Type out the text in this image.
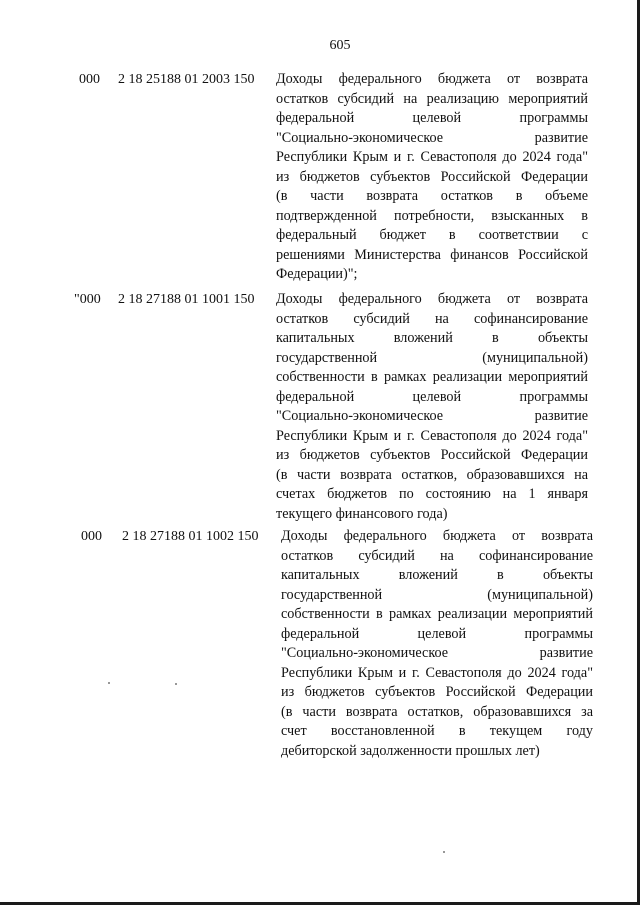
605
000 2 18 25188 01 2003 150 Доходы федерального бюджета от возврата
остатков субсидий на реализацию мероприятий
федеральной целевой программы
"Социально-экономическое развитие
Республики Крым и г. Севастополя до 2024 года"
из бюджетов субъектов Российской Федерации
(в части возврата остатков в объеме
подтвержденной потребности, взысканных в
федеральный бюджет в соответствии с
решениями Министерства финансов Российской
Федерации)";
"000 2 18 27188 01 1001 150 Доходы федерального бюджета от возврата
остатков субсидий на софинансирование
капитальных вложений в объекты
государственной (муниципальной)
собственности в рамках реализации мероприятий
федеральной целевой программы
"Социально-экономическое развитие
Республики Крым и г. Севастополя до 2024 года"
из бюджетов субъектов Российской Федерации
(в части возврата остатков, образовавшихся на
счетах бюджетов по состоянию на 1 января
текущего финансового года)
000 2 18 27188 01 1002 150 Доходы федерального бюджета от возврата
остатков субсидий на софинансирование
капитальных вложений в объекты
государственной (муниципальной)
собственности в рамках реализации мероприятий
федеральной целевой программы
"Социально-экономическое развитие
Республики Крым и г. Севастополя до 2024 года"
из бюджетов субъектов Российской Федерации
(в части возврата остатков, образовавшихся за
счет восстановленной в текущем году
дебиторской задолженности прошлых лет)
